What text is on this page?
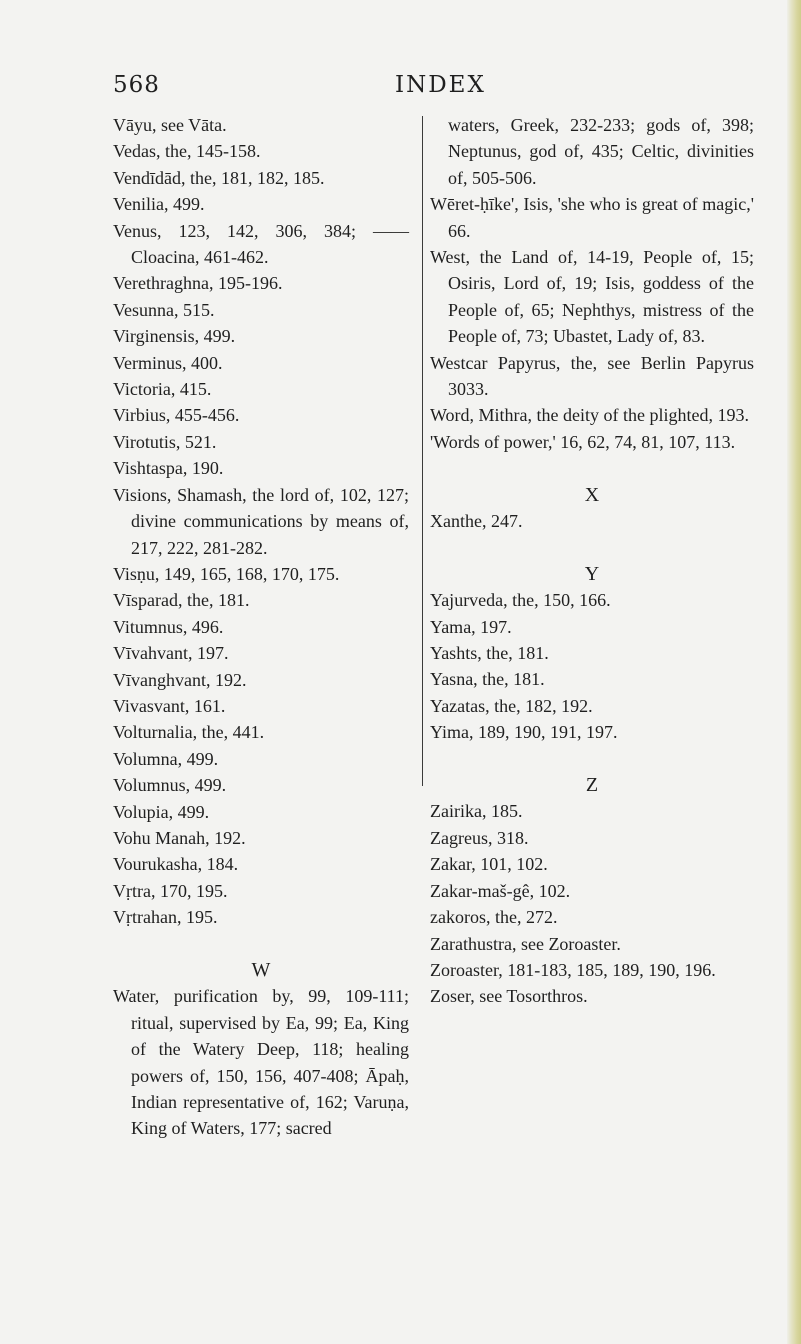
568	INDEX

Vāyu, see Vāta.

Vedas, the, 145-158.

Vendīdād, the, 181, 182, 185.

Venilia, 499.

Venus, 123, 142, 306, 384; —— Cloacina, 461-462.

Verethraghna, 195-196.

Vesunna, 515.

Virginensis, 499.

Verminus, 400.

Victoria, 415.

Virbius, 455-456.

Virotutis, 521.

Vishtaspa, 190.

Visions, Shamash, the lord of, 102, 127; divine communications by means of, 217, 222, 281-282.

Visṇu, 149, 165, 168, 170, 175.

Vīsparad, the, 181.

Vitumnus, 496.

Vīvahvant, 197.

Vīvanghvant, 192.

Vivasvant, 161.

Volturnalia, the, 441.

Volumna, 499.

Volumnus, 499.

Volupia, 499.

Vohu Manah, 192.

Vourukasha, 184.

Vṛtra, 170, 195.

Vṛtrahan, 195.

W

Water, purification by, 99, 109-111; ritual, supervised by Ea, 99; Ea, King of the Watery Deep, 118; healing powers of, 150, 156, 407-408; Āpaḥ, Indian representative of, 162; Varuṇa, King of Waters, 177; sacred

waters, Greek, 232-233; gods of, 398; Neptunus, god of, 435; Celtic, divinities of, 505-506.

Wēret-ḥīke', Isis, 'she who is great of magic,' 66.

West, the Land of, 14-19, People of, 15; Osiris, Lord of, 19; Isis, goddess of the People of, 65; Nephthys, mistress of the People of, 73; Ubastet, Lady of, 83.

Westcar Papyrus, the, see Berlin Papyrus 3033.

Word, Mithra, the deity of the plighted, 193.

'Words of power,' 16, 62, 74, 81, 107, 113.

X

Xanthe, 247.

Y

Yajurveda, the, 150, 166.

Yama, 197.

Yashts, the, 181.

Yasna, the, 181.

Yazatas, the, 182, 192.

Yima, 189, 190, 191, 197.

Z

Zairika, 185.

Zagreus, 318.

Zakar, 101, 102.

Zakar-maš-gê, 102.

zakoros, the, 272.

Zarathustra, see Zoroaster.

Zoroaster, 181-183, 185, 189, 190, 196.

Zoser, see Tosorthros.
